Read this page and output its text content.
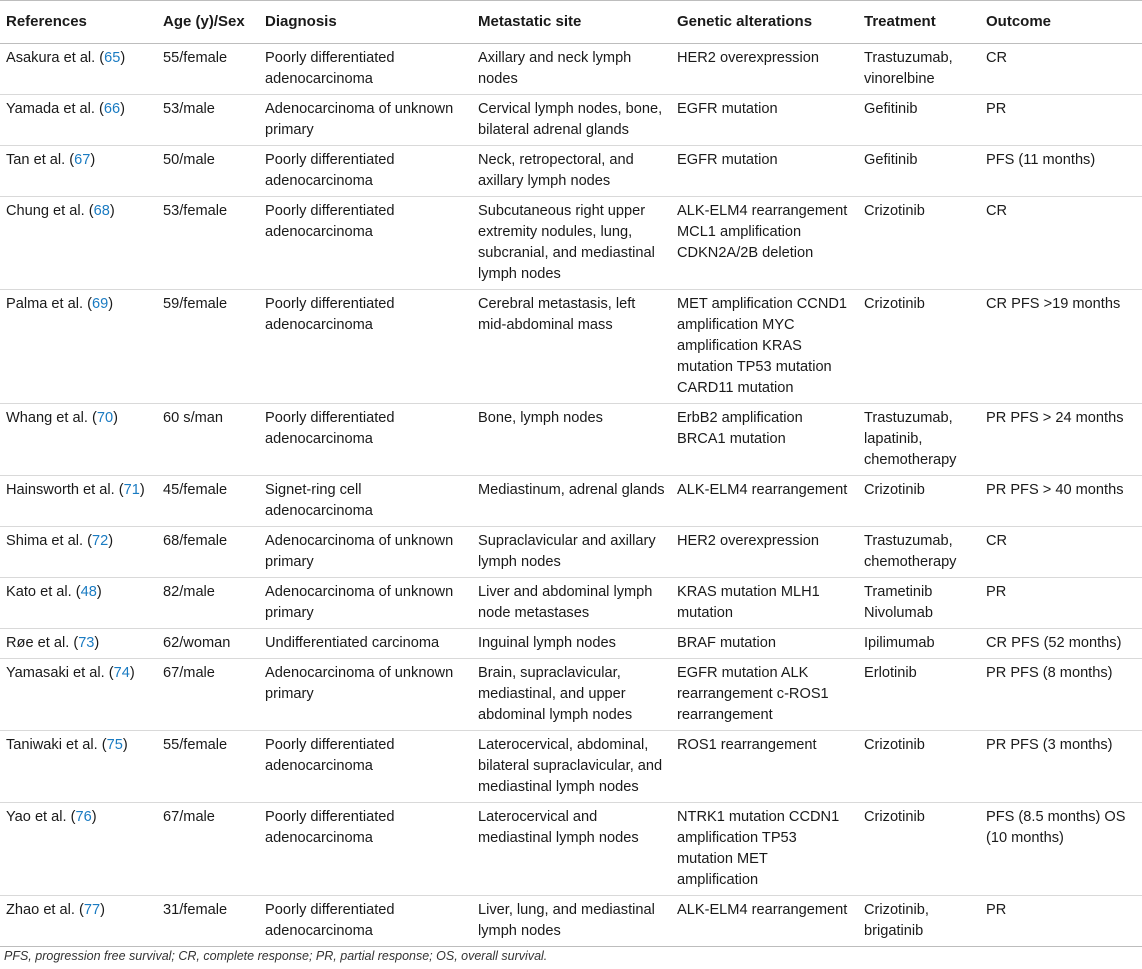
References	Age (y)/Sex	Diagnosis	Metastatic site	Genetic alterations	Treatment	Outcome
Asakura et al. (65)	55/female	Poorly differentiated adenocarcinoma	Axillary and neck lymph nodes	HER2 overexpression	Trastuzumab, vinorelbine	CR
Yamada et al. (66)	53/male	Adenocarcinoma of unknown primary	Cervical lymph nodes, bone, bilateral adrenal glands	EGFR mutation	Gefitinib	PR
Tan et al. (67)	50/male	Poorly differentiated adenocarcinoma	Neck, retropectoral, and axillary lymph nodes	EGFR mutation	Gefitinib	PFS (11 months)
Chung et al. (68)	53/female	Poorly differentiated adenocarcinoma	Subcutaneous right upper extremity nodules, lung, subcranial, and mediastinal lymph nodes	ALK-ELM4 rearrangement MCL1 amplification CDKN2A/2B deletion	Crizotinib	CR
Palma et al. (69)	59/female	Poorly differentiated adenocarcinoma	Cerebral metastasis, left mid-abdominal mass	MET amplification CCND1 amplification MYC amplification KRAS mutation TP53 mutation CARD11 mutation	Crizotinib	CR PFS >19 months
Whang et al. (70)	60 s/man	Poorly differentiated adenocarcinoma	Bone, lymph nodes	ErbB2 amplification BRCA1 mutation	Trastuzumab, lapatinib, chemotherapy	PR PFS > 24 months
Hainsworth et al. (71)	45/female	Signet-ring cell adenocarcinoma	Mediastinum, adrenal glands	ALK-ELM4 rearrangement	Crizotinib	PR PFS > 40 months
Shima et al. (72)	68/female	Adenocarcinoma of unknown primary	Supraclavicular and axillary lymph nodes	HER2 overexpression	Trastuzumab, chemotherapy	CR
Kato et al. (48)	82/male	Adenocarcinoma of unknown primary	Liver and abdominal lymph node metastases	KRAS mutation MLH1 mutation	Trametinib Nivolumab	PR
Røe et al. (73)	62/woman	Undifferentiated carcinoma	Inguinal lymph nodes	BRAF mutation	Ipilimumab	CR PFS (52 months)
Yamasaki et al. (74)	67/male	Adenocarcinoma of unknown primary	Brain, supraclavicular, mediastinal, and upper abdominal lymph nodes	EGFR mutation ALK rearrangement c-ROS1 rearrangement	Erlotinib	PR PFS (8 months)
Taniwaki et al. (75)	55/female	Poorly differentiated adenocarcinoma	Laterocervical, abdominal, bilateral supraclavicular, and mediastinal lymph nodes	ROS1 rearrangement	Crizotinib	PR PFS (3 months)
Yao et al. (76)	67/male	Poorly differentiated adenocarcinoma	Laterocervical and mediastinal lymph nodes	NTRK1 mutation CCDN1 amplification TP53 mutation MET amplification	Crizotinib	PFS (8.5 months) OS (10 months)
Zhao et al. (77)	31/female	Poorly differentiated adenocarcinoma	Liver, lung, and mediastinal lymph nodes	ALK-ELM4 rearrangement	Crizotinib, brigatinib	PR
PFS, progression free survival; CR, complete response; PR, partial response; OS, overall survival.
